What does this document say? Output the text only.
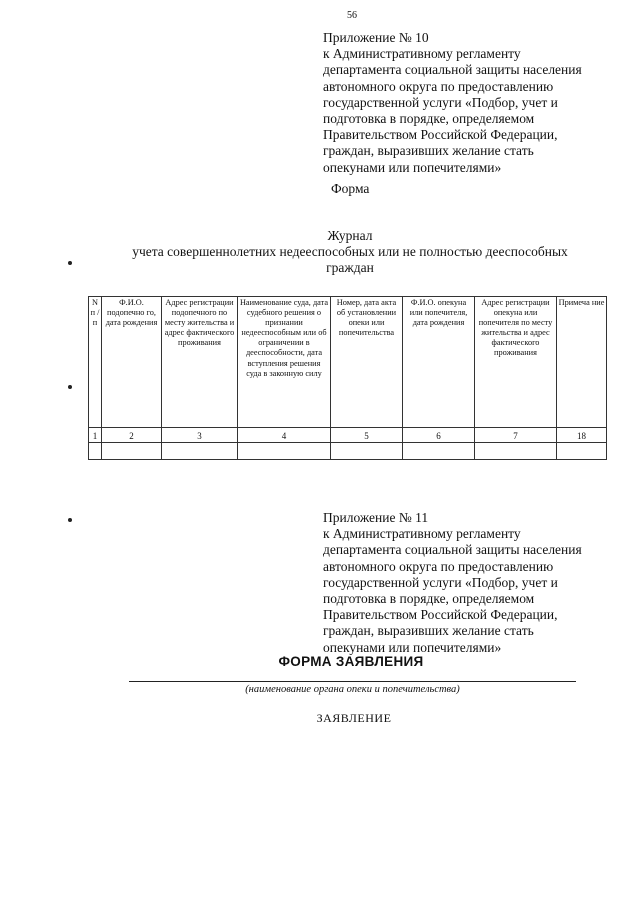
56
Приложение № 10
к Административному регламенту
департамента социальной защиты населения
автономного округа по предоставлению
государственной услуги «Подбор, учет и
подготовка в порядке, определяемом
Правительством Российской Федерации,
граждан, выразивших желание стать
опекунами или попечителями»
Форма
Журнал
учета совершеннолетних недееспособных или не полностью дееспособных
граждан
N п / п	Ф.И.О. подопечно го, дата рождения	Адрес регистрации подопечного по месту жительства и адрес фактического проживания	Наименование суда, дата судебного решения о признании недееспособным или об ограничении в дееспособности, дата вступления решения суда в законную силу	Номер, дата акта об установлении опеки или попечительства	Ф.И.О. опекуна или попечителя, дата рождения	Адрес регистрации опекуна или попечителя по месту жительства и адрес фактического проживания	Примеча ние
1	2	3	4	5	6	7	18

Приложение № 11
к Административному регламенту
департамента социальной защиты населения
автономного округа по предоставлению
государственной услуги «Подбор, учет и
подготовка в порядке, определяемом
Правительством Российской Федерации,
граждан, выразивших желание стать
опекунами или попечителями»
ФОРМА ЗАЯВЛЕНИЯ
(наименование органа опеки и попечительства)
ЗАЯВЛЕНИЕ
